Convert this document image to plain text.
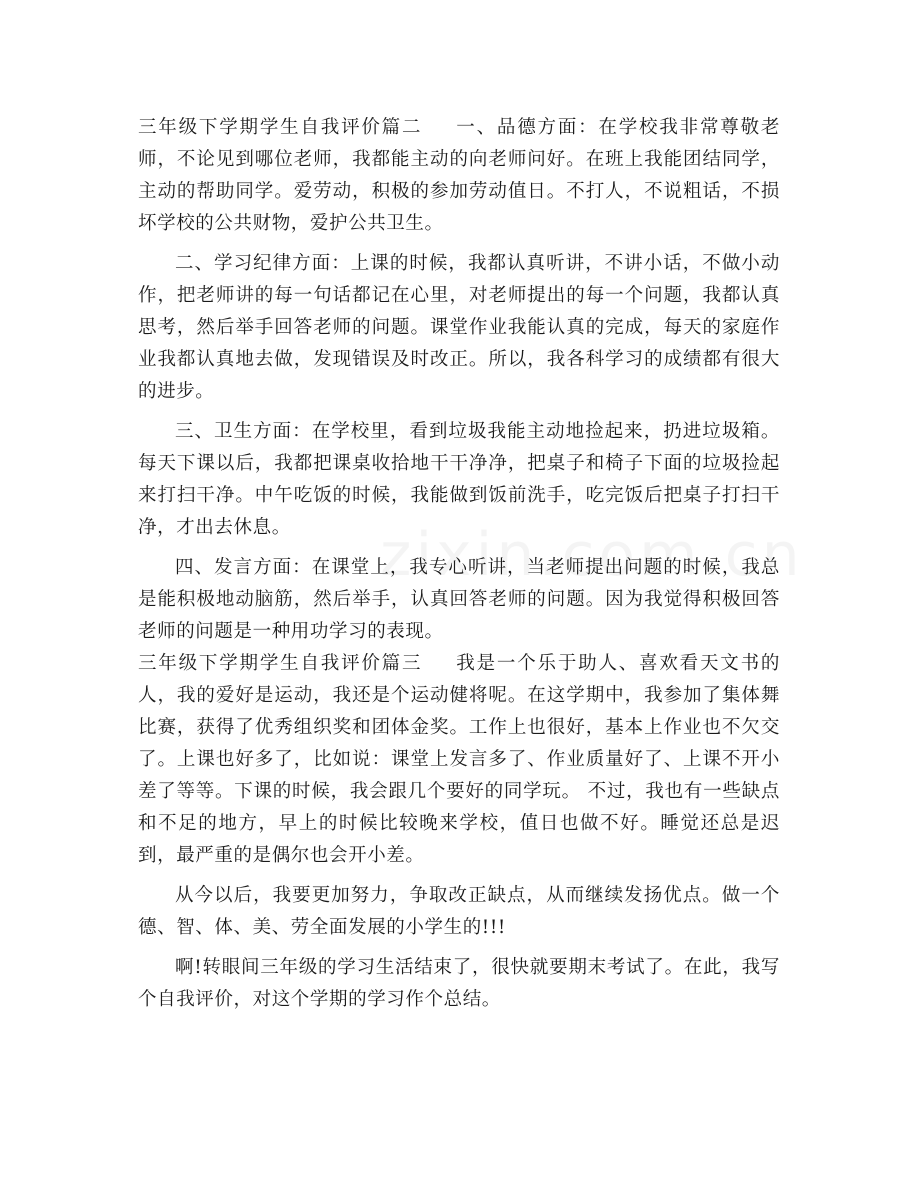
三年级下学期学生自我评价篇二 一、品德方面：在学校我非常尊敬老师，不论见到哪位老师，我都能主动的向老师问好。在班上我能团结同学，主动的帮助同学。爱劳动，积极的参加劳动值日。不打人，不说粗话，不损坏学校的公共财物，爱护公共卫生。

二、学习纪律方面：上课的时候，我都认真听讲，不讲小话，不做小动作，把老师讲的每一句话都记在心里，对老师提出的每一个问题，我都认真思考，然后举手回答老师的问题。课堂作业我能认真的完成，每天的家庭作业我都认真地去做，发现错误及时改正。所以，我各科学习的成绩都有很大的进步。

三、卫生方面：在学校里，看到垃圾我能主动地捡起来，扔进垃圾箱。每天下课以后，我都把课桌收拾地干干净净，把桌子和椅子下面的垃圾捡起来打扫干净。中午吃饭的时候，我能做到饭前洗手，吃完饭后把桌子打扫干净，才出去休息。

四、发言方面：在课堂上，我专心听讲，当老师提出问题的时候，我总是能积极地动脑筋，然后举手，认真回答老师的问题。因为我觉得积极回答老师的问题是一种用功学习的表现。

三年级下学期学生自我评价篇三 我是一个乐于助人、喜欢看天文书的人，我的爱好是运动，我还是个运动健将呢。在这学期中，我参加了集体舞比赛，获得了优秀组织奖和团体金奖。工作上也很好，基本上作业也不欠交了。上课也好多了，比如说：课堂上发言多了、作业质量好了、上课不开小差了等等。下课的时候，我会跟几个要好的同学玩。 不过，我也有一些缺点和不足的地方，早上的时候比较晚来学校，值日也做不好。睡觉还总是迟到，最严重的是偶尔也会开小差。

从今以后，我要更加努力，争取改正缺点，从而继续发扬优点。做一个德、智、体、美、劳全面发展的小学生的!!!

啊!转眼间三年级的学习生活结束了，很快就要期末考试了。在此，我写个自我评价，对这个学期的学习作个总结。
